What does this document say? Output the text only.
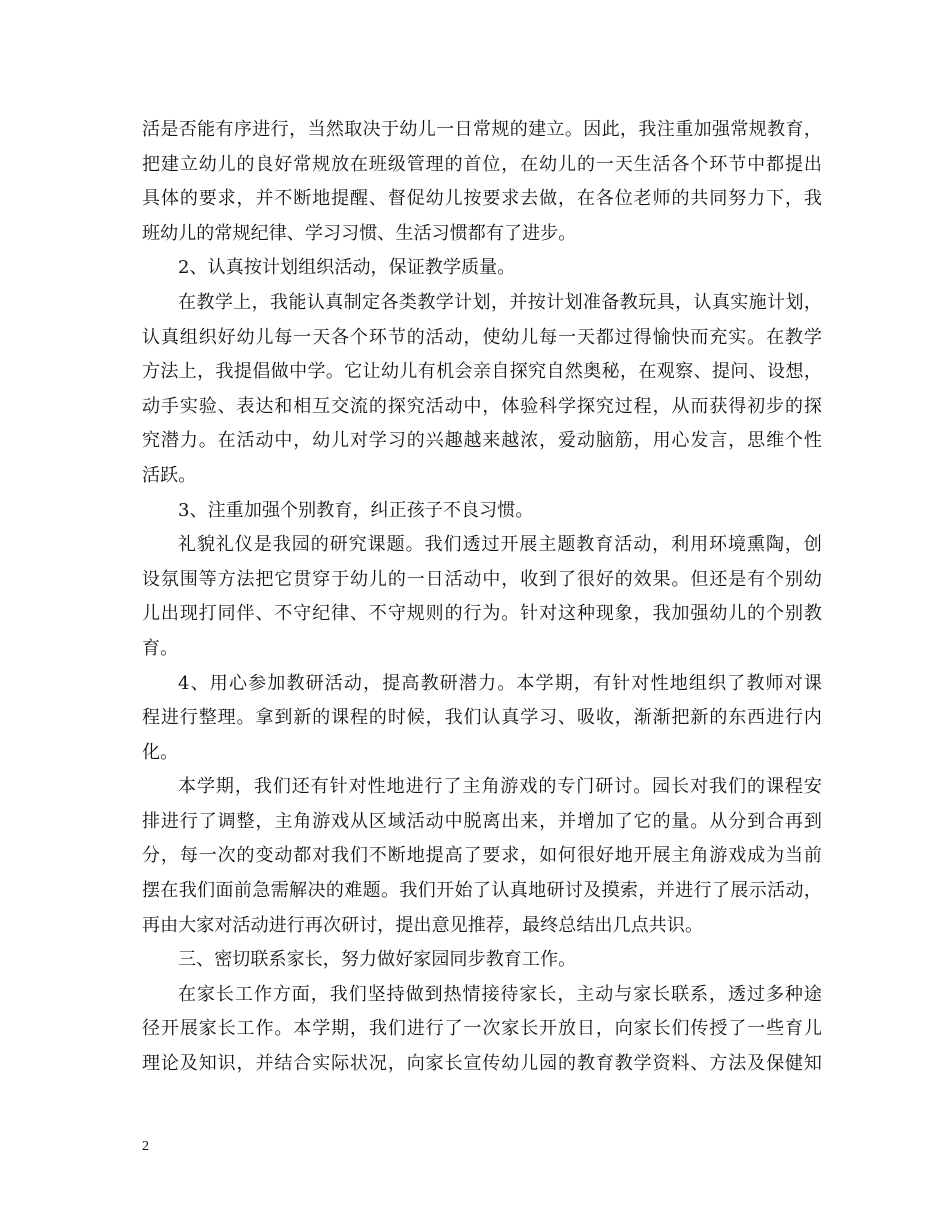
活是否能有序进行，当然取决于幼儿一日常规的建立。因此，我注重加强常规教育，
把建立幼儿的良好常规放在班级管理的首位，在幼儿的一天生活各个环节中都提出
具体的要求，并不断地提醒、督促幼儿按要求去做，在各位老师的共同努力下，我
班幼儿的常规纪律、学习习惯、生活习惯都有了进步。
2、认真按计划组织活动，保证教学质量。
在教学上，我能认真制定各类教学计划，并按计划准备教玩具，认真实施计划，
认真组织好幼儿每一天各个环节的活动，使幼儿每一天都过得愉快而充实。在教学
方法上，我提倡做中学。它让幼儿有机会亲自探究自然奥秘，在观察、提问、设想，
动手实验、表达和相互交流的探究活动中，体验科学探究过程，从而获得初步的探
究潜力。在活动中，幼儿对学习的兴趣越来越浓，爱动脑筋，用心发言，思维个性
活跃。
3、注重加强个别教育，纠正孩子不良习惯。
礼貌礼仪是我园的研究课题。我们透过开展主题教育活动，利用环境熏陶，创
设氛围等方法把它贯穿于幼儿的一日活动中，收到了很好的效果。但还是有个别幼
儿出现打同伴、不守纪律、不守规则的行为。针对这种现象，我加强幼儿的个别教
育。
4、用心参加教研活动，提高教研潜力。本学期，有针对性地组织了教师对课
程进行整理。拿到新的课程的时候，我们认真学习、吸收，渐渐把新的东西进行内
化。
本学期，我们还有针对性地进行了主角游戏的专门研讨。园长对我们的课程安
排进行了调整，主角游戏从区域活动中脱离出来，并增加了它的量。从分到合再到
分，每一次的变动都对我们不断地提高了要求，如何很好地开展主角游戏成为当前
摆在我们面前急需解决的难题。我们开始了认真地研讨及摸索，并进行了展示活动，
再由大家对活动进行再次研讨，提出意见推荐，最终总结出几点共识。
三、密切联系家长，努力做好家园同步教育工作。
在家长工作方面，我们坚持做到热情接待家长，主动与家长联系，透过多种途
径开展家长工作。本学期，我们进行了一次家长开放日，向家长们传授了一些育儿
理论及知识，并结合实际状况，向家长宣传幼儿园的教育教学资料、方法及保健知
2
